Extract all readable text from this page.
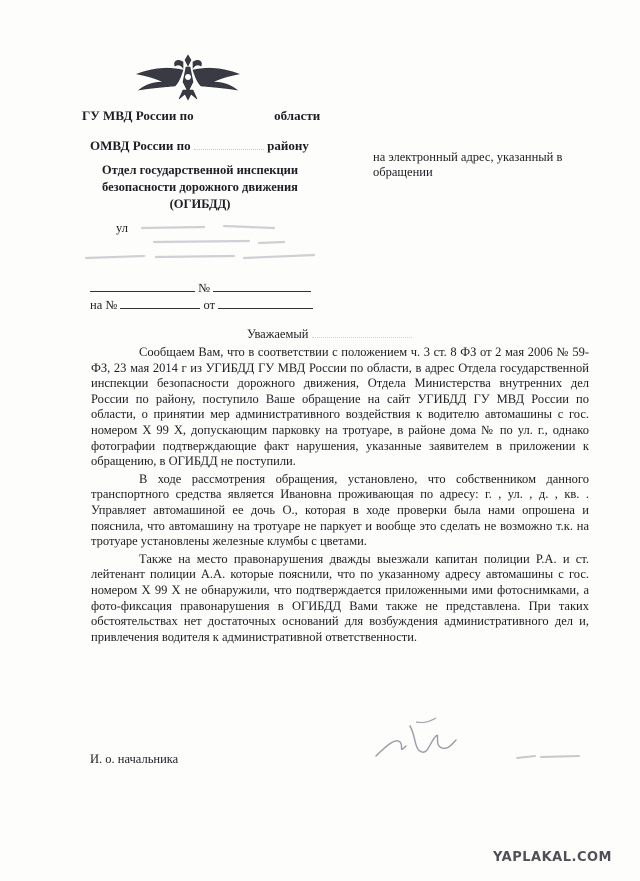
ГУ МВД России по	области
ОМВД России по	району
Отдел государственной инспекции
безопасности дорожного движения
(ОГИБДД)
ул
№
на №	от
на электронный адрес, указанный в
обращении
Уважаемый

Сообщаем Вам, что в соответствии с положением ч. 3 ст. 8 ФЗ от 2 мая 2006 № 59-ФЗ, 23 мая 2014 г из УГИБДД ГУ МВД России по области, в адрес Отдела государственной инспекции безопасности дорожного движения, Отдела Министерства внутренних дел России по району, поступило Ваше обращение на сайт УГИБДД ГУ МВД России по области, о принятии мер административного воздействия к водителю автомашины с гос. номером Х 99 Х, допускающим парковку на тротуаре, в районе дома № по ул. г., однако фотографии подтверждающие факт нарушения, указанные заявителем в приложении к обращению, в ОГИБДД не поступили.

В ходе рассмотрения обращения, установлено, что собственником данного транспортного средства является Ивановна проживающая по адресу: г. , ул. , д. , кв. . Управляет автомашиной ее дочь О., которая в ходе проверки была нами опрошена и пояснила, что автомашину на тротуаре не паркует и вообще это сделать не возможно т.к. на тротуаре установлены железные клумбы с цветами.

Также на место правонарушения дважды выезжали капитан полиции Р.А. и ст. лейтенант полиции А.А. которые пояснили, что по указанному адресу автомашины с гос. номером Х 99 Х не обнаружили, что подтверждается приложенными ими фотоснимками, а фото-фиксация правонарушения в ОГИБДД Вами также не представлена. При таких обстоятельствах нет достаточных оснований для возбуждения административного дел и, привлечения водителя к административной ответственности.

И. о. начальника
YAPLAKAL.COM
